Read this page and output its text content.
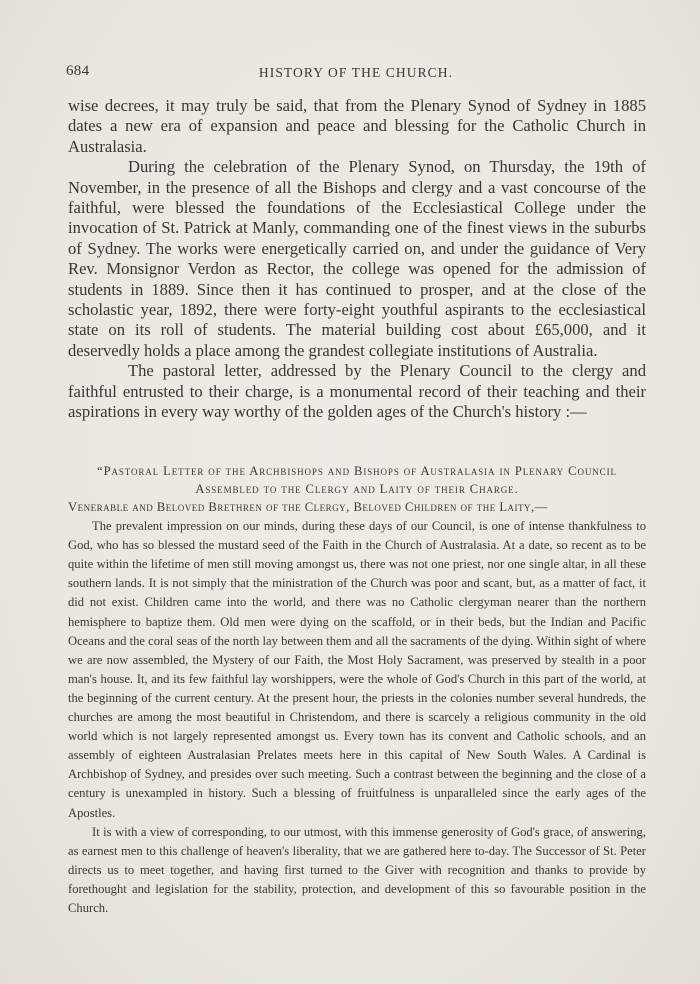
684	HISTORY OF THE CHURCH.

wise decrees, it may truly be said, that from the Plenary Synod of Sydney in 1885 dates a new era of expansion and peace and blessing for the Catholic Church in Australasia.

During the celebration of the Plenary Synod, on Thursday, the 19th of November, in the presence of all the Bishops and clergy and a vast concourse of the faithful, were blessed the foundations of the Ecclesiastical College under the invocation of St. Patrick at Manly, commanding one of the finest views in the suburbs of Sydney. The works were energetically carried on, and under the guidance of Very Rev. Monsignor Verdon as Rector, the college was opened for the admission of students in 1889. Since then it has continued to prosper, and at the close of the scholastic year, 1892, there were forty-eight youthful aspirants to the ecclesiastical state on its roll of students. The material building cost about £65,000, and it deservedly holds a place among the grandest collegiate institutions of Australia.

The pastoral letter, addressed by the Plenary Council to the clergy and faithful entrusted to their charge, is a monumental record of their teaching and their aspirations in every way worthy of the golden ages of the Church's history :—

“Pastoral Letter of the Archbishops and Bishops of Australasia in Plenary Council Assembled to the Clergy and Laity of their Charge.

Venerable and Beloved Brethren of the Clergy, Beloved Children of the Laity,—

The prevalent impression on our minds, during these days of our Council, is one of intense thankfulness to God, who has so blessed the mustard seed of the Faith in the Church of Australasia. At a date, so recent as to be quite within the lifetime of men still moving amongst us, there was not one priest, nor one single altar, in all these southern lands. It is not simply that the ministration of the Church was poor and scant, but, as a matter of fact, it did not exist. Children came into the world, and there was no Catholic clergyman nearer than the northern hemisphere to baptize them. Old men were dying on the scaffold, or in their beds, but the Indian and Pacific Oceans and the coral seas of the north lay between them and all the sacraments of the dying. Within sight of where we are now assembled, the Mystery of our Faith, the Most Holy Sacrament, was preserved by stealth in a poor man's house. It, and its few faithful lay worshippers, were the whole of God's Church in this part of the world, at the beginning of the current century. At the present hour, the priests in the colonies number several hundreds, the churches are among the most beautiful in Christendom, and there is scarcely a religious community in the old world which is not largely represented amongst us. Every town has its convent and Catholic schools, and an assembly of eighteen Australasian Prelates meets here in this capital of New South Wales. A Cardinal is Archbishop of Sydney, and presides over such meeting. Such a contrast between the beginning and the close of a century is unexampled in history. Such a blessing of fruitfulness is unparalleled since the early ages of the Apostles.

It is with a view of corresponding, to our utmost, with this immense generosity of God's grace, of answering, as earnest men to this challenge of heaven's liberality, that we are gathered here to-day. The Successor of St. Peter directs us to meet together, and having first turned to the Giver with recognition and thanks to provide by forethought and legislation for the stability, protection, and development of this so favourable position in the Church.
